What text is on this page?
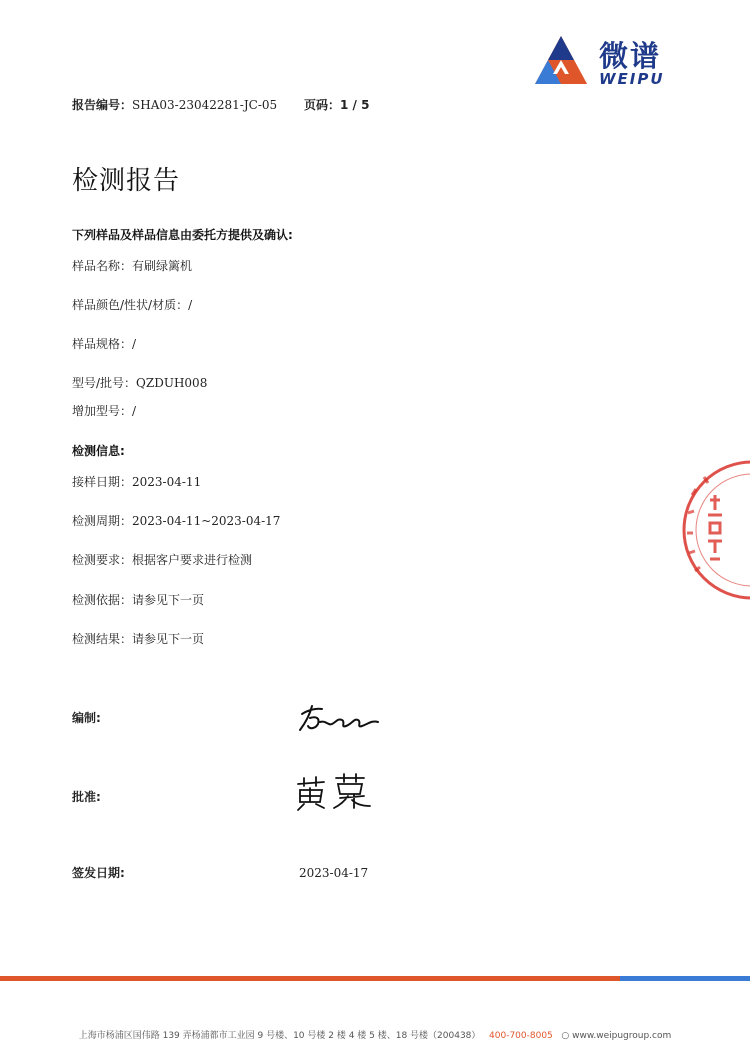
微谱
WEIPU
报告编号：SHA03-23042281-JC-05 页码：1 / 5
检测报告
下列样品及样品信息由委托方提供及确认:
样品名称：有刷绿篱机
样品颜色/性状/材质：/
样品规格：/
型号/批号：QZDUH008
增加型号：/
检测信息:
接样日期：2023-04-11
检测周期：2023-04-11~2023-04-17
检测要求：根据客户要求进行检测
检测依据：请参见下一页
检测结果：请参见下一页
编制:
批准:
签发日期:	2023-04-17
上海市杨浦区国伟路 139 弄杨浦都市工业园 9 号楼、10 号楼 2 楼 4 楼 5 楼、18 号楼（200438） 400-700-8005 ○ www.weipugroup.com
